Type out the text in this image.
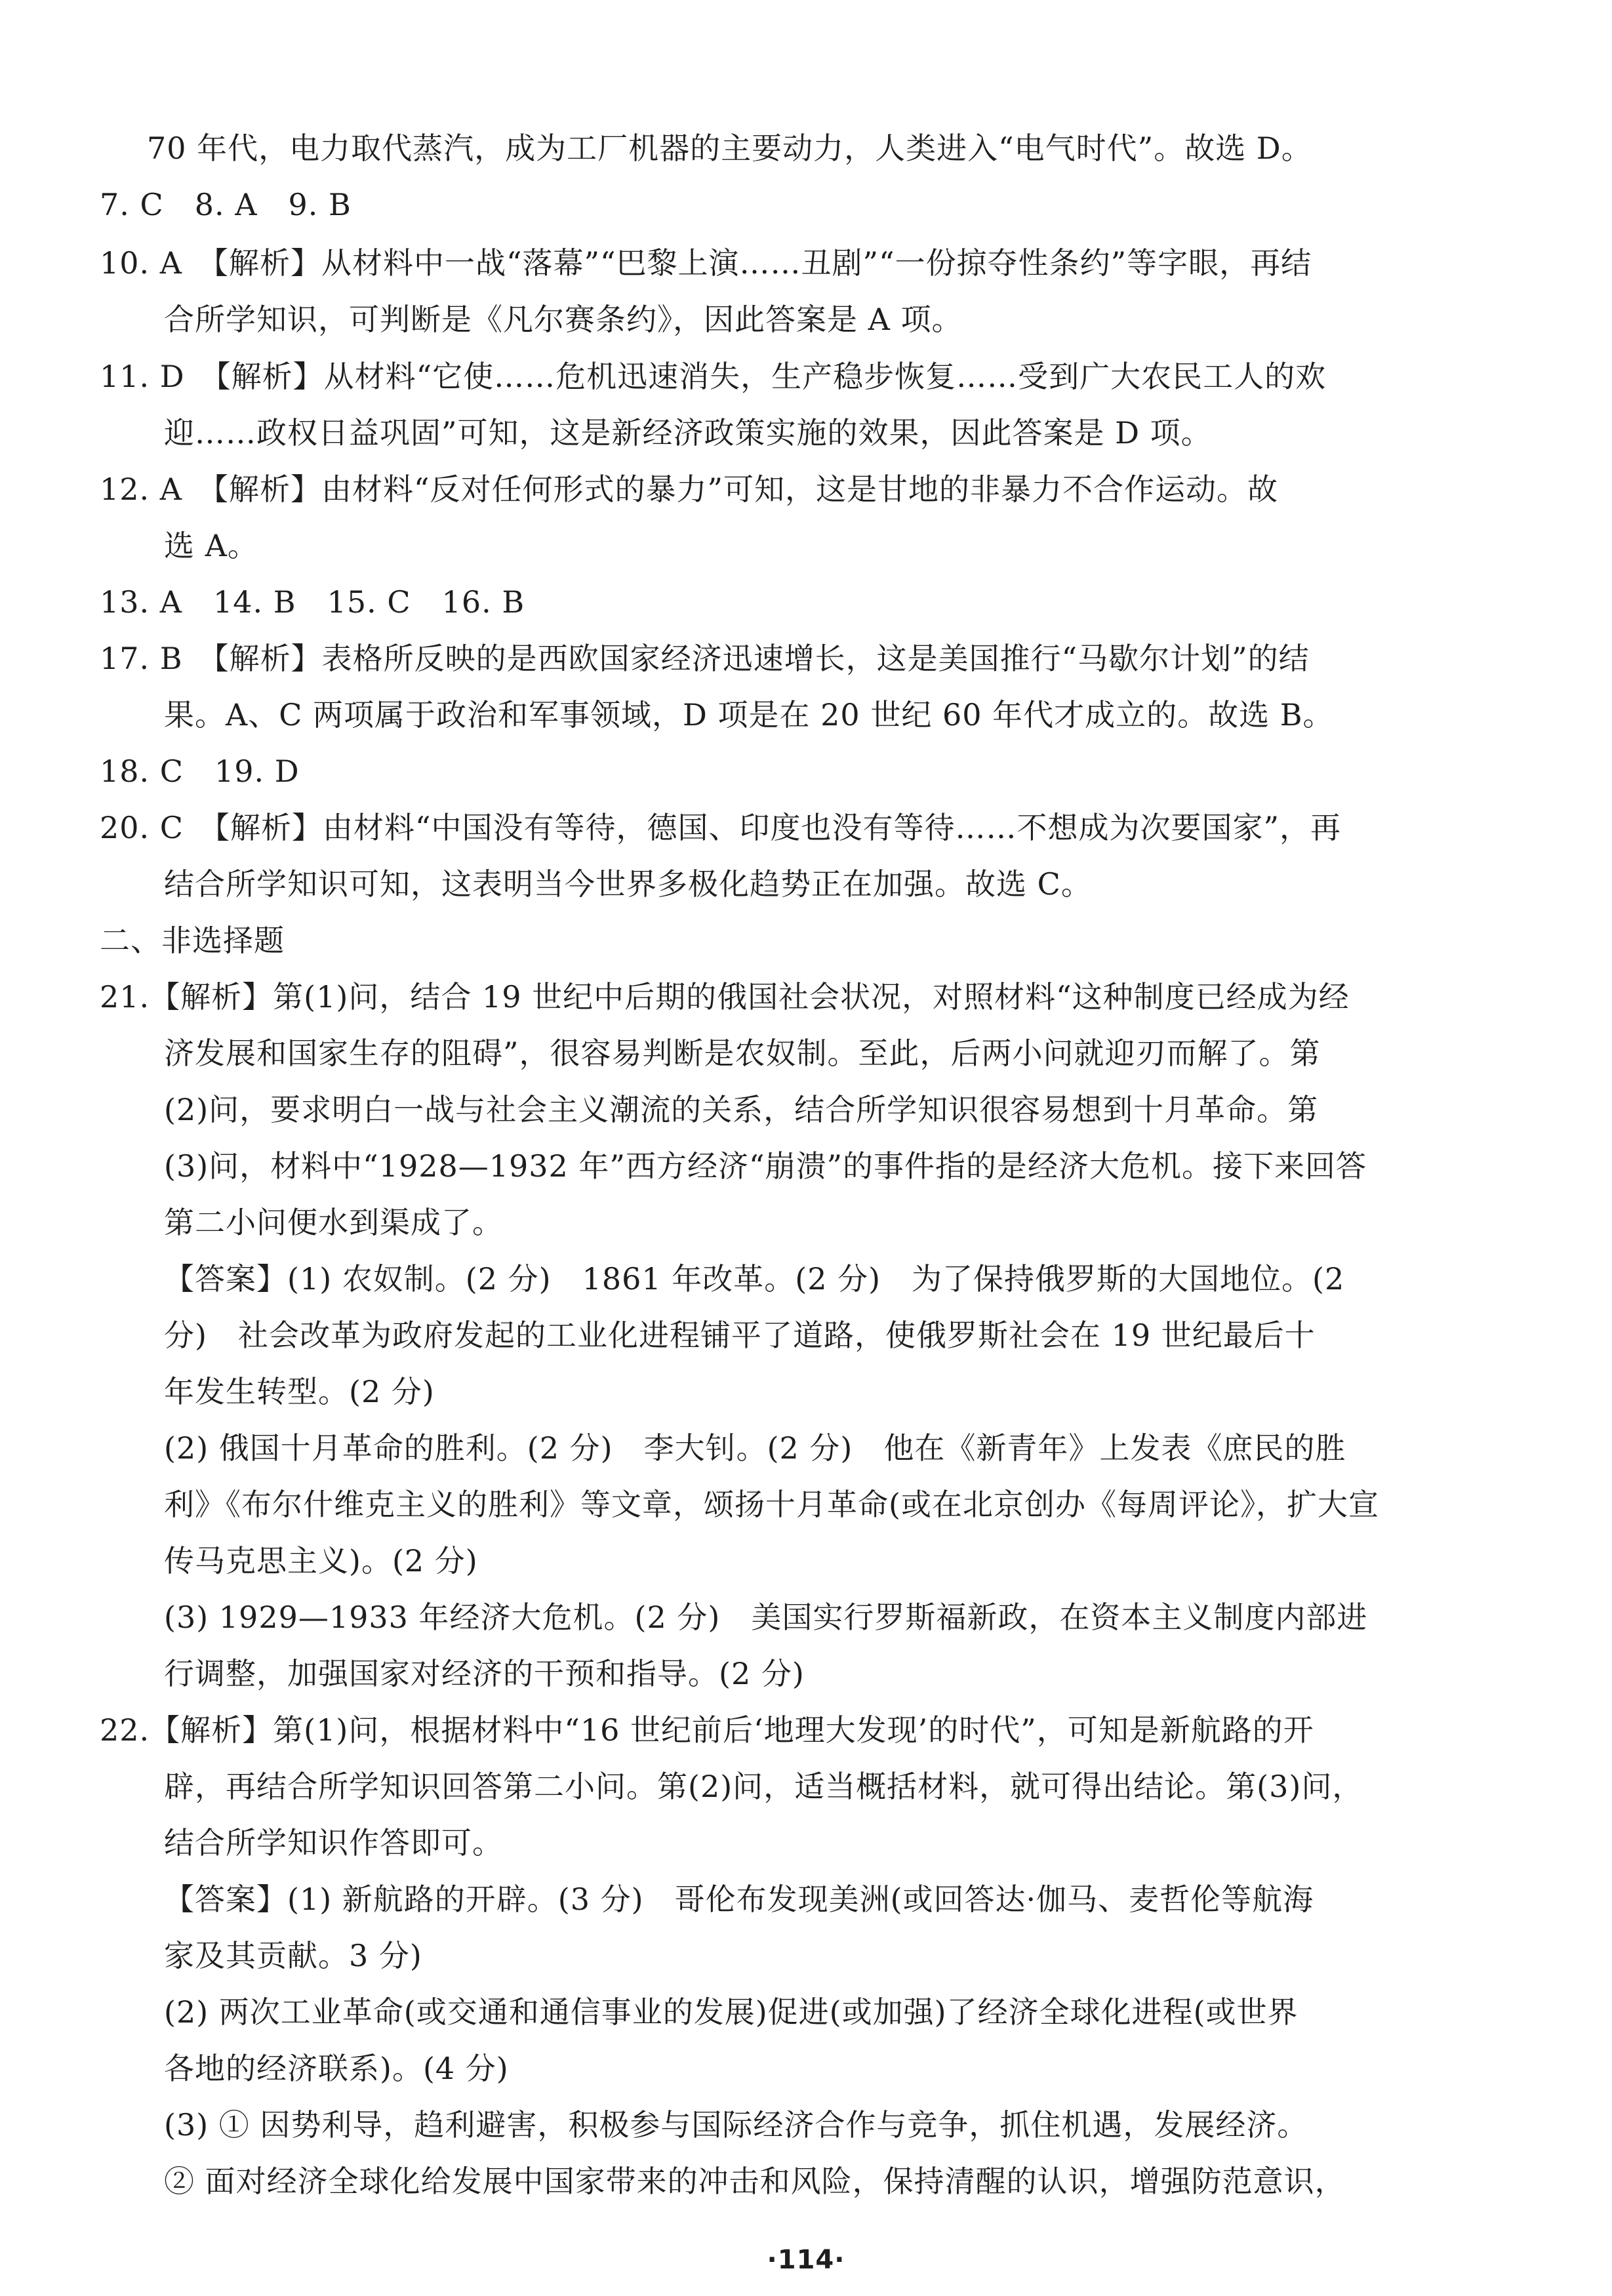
70 年代，电力取代蒸汽，成为工厂机器的主要动力，人类进入“电气时代”。故选 D。
7. C　8. A　9. B
10. A　【解析】从材料中一战“落幕”“巴黎上演……丑剧”“一份掠夺性条约”等字眼，再结
合所学知识，可判断是《凡尔赛条约》，因此答案是 A 项。
11. D　【解析】从材料“它使……危机迅速消失，生产稳步恢复……受到广大农民工人的欢
迎……政权日益巩固”可知，这是新经济政策实施的效果，因此答案是 D 项。
12. A　【解析】由材料“反对任何形式的暴力”可知，这是甘地的非暴力不合作运动。故
选 A。
13. A　14. B　15. C　16. B
17. B　【解析】表格所反映的是西欧国家经济迅速增长，这是美国推行“马歇尔计划”的结
果。A、C 两项属于政治和军事领域，D 项是在 20 世纪 60 年代才成立的。故选 B。
18. C　19. D
20. C　【解析】由材料“中国没有等待，德国、印度也没有等待……不想成为次要国家”，再
结合所学知识可知，这表明当今世界多极化趋势正在加强。故选 C。
二、非选择题
21.【解析】第(1)问，结合 19 世纪中后期的俄国社会状况，对照材料“这种制度已经成为经
济发展和国家生存的阻碍”，很容易判断是农奴制。至此，后两小问就迎刃而解了。第
(2)问，要求明白一战与社会主义潮流的关系，结合所学知识很容易想到十月革命。第
(3)问，材料中“1928—1932 年”西方经济“崩溃”的事件指的是经济大危机。接下来回答
第二小问便水到渠成了。
【答案】(1) 农奴制。(2 分)　1861 年改革。(2 分)　为了保持俄罗斯的大国地位。(2
分)　社会改革为政府发起的工业化进程铺平了道路，使俄罗斯社会在 19 世纪最后十
年发生转型。(2 分)
(2) 俄国十月革命的胜利。(2 分)　李大钊。(2 分)　他在《新青年》上发表《庶民的胜
利》《布尔什维克主义的胜利》等文章，颂扬十月革命(或在北京创办《每周评论》，扩大宣
传马克思主义)。(2 分)
(3) 1929—1933 年经济大危机。(2 分)　美国实行罗斯福新政，在资本主义制度内部进
行调整，加强国家对经济的干预和指导。(2 分)
22.【解析】第(1)问，根据材料中“16 世纪前后‘地理大发现’的时代”，可知是新航路的开
辟，再结合所学知识回答第二小问。第(2)问，适当概括材料，就可得出结论。第(3)问，
结合所学知识作答即可。
【答案】(1) 新航路的开辟。(3 分)　哥伦布发现美洲(或回答达·伽马、麦哲伦等航海
家及其贡献。3 分)
(2) 两次工业革命(或交通和通信事业的发展)促进(或加强)了经济全球化进程(或世界
各地的经济联系)。(4 分)
(3) ① 因势利导，趋利避害，积极参与国际经济合作与竞争，抓住机遇，发展经济。
② 面对经济全球化给发展中国家带来的冲击和风险，保持清醒的认识，增强防范意识，
·114·
